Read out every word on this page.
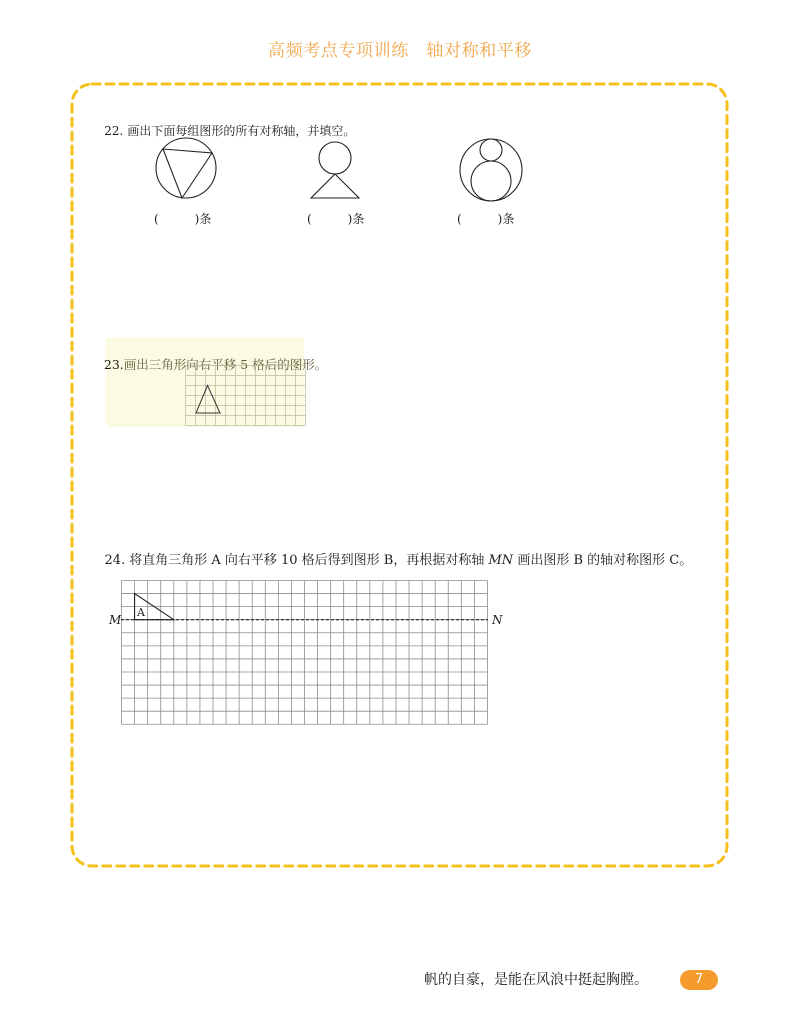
高频考点专项训练　轴对称和平移

22. 画出下面每组图形的所有对称轴，并填空。

(　　　)条	(　　　)条	(　　　)条

23.画出三角形向右平移 5 格后的图形。

24. 将直角三角形 A 向右平移 10 格后得到图形 B，再根据对称轴 MN 画出图形 B 的轴对称图形 C。

M	N
A
帆的自豪，是能在风浪中挺起胸膛。	7
